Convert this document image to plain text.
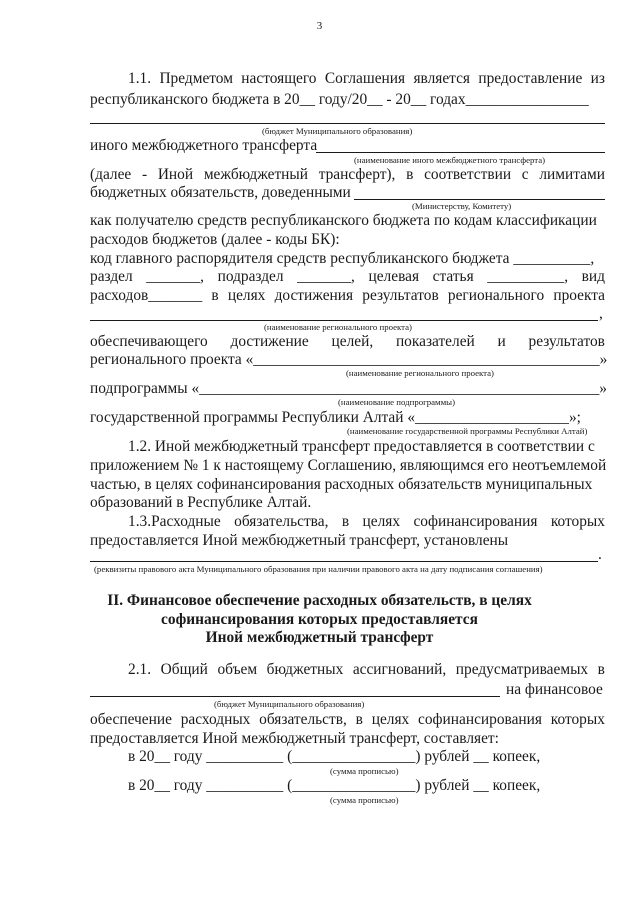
3
1.1. Предметом настоящего Соглашения является предоставление из
республиканского бюджета в 20__ году/20__ - 20__ годах________________
(бюджет Муниципального образования)
иного межбюджетного трансферта
(наименование иного межбюджетного трансферта)
(далее - Иной межбюджетный трансферт), в соответствии с лимитами
бюджетных обязательств, доведенными
(Министерству, Комитету)
как получателю средств республиканского бюджета по кодам классификации
расходов бюджетов (далее - коды БК):
код главного распорядителя средств республиканского бюджета __________,
раздел _______, подраздел _______, целевая статья __________, вид
расходов_______ в целях достижения результатов регионального проекта
,
(наименование регионального проекта)
обеспечивающего достижение целей, показателей и результатов
регионального проекта «_____________________________________________»
(наименование регионального проекта)
подпрограммы «____________________________________________________»
(наименование подпрограммы)
государственной программы Республики Алтай «____________________»;
(наименование государственной программы Республики Алтай)
1.2. Иной межбюджетный трансферт предоставляется в соответствии с
приложением № 1 к настоящему Соглашению, являющимся его неотъемлемой
частью, в целях софинансирования расходных обязательств муниципальных
образований в Республике Алтай.
1.3.Расходные обязательства, в целях софинансирования которых
предоставляется Иной межбюджетный трансферт, установлены
.
(реквизиты правового акта Муниципального образования при наличии правового акта на дату подписания соглашения)
II. Финансовое обеспечение расходных обязательств, в целях
софинансирования которых предоставляется
Иной межбюджетный трансферт
2.1. Общий объем бюджетных ассигнований, предусматриваемых в
на финансовое
(бюджет Муниципального образования)
обеспечение расходных обязательств, в целях софинансирования которых
предоставляется Иной межбюджетный трансферт, составляет:
в 20__ году __________ (________________) рублей __ копеек,
(сумма прописью)
в 20__ году __________ (________________) рублей __ копеек,
(сумма прописью)
